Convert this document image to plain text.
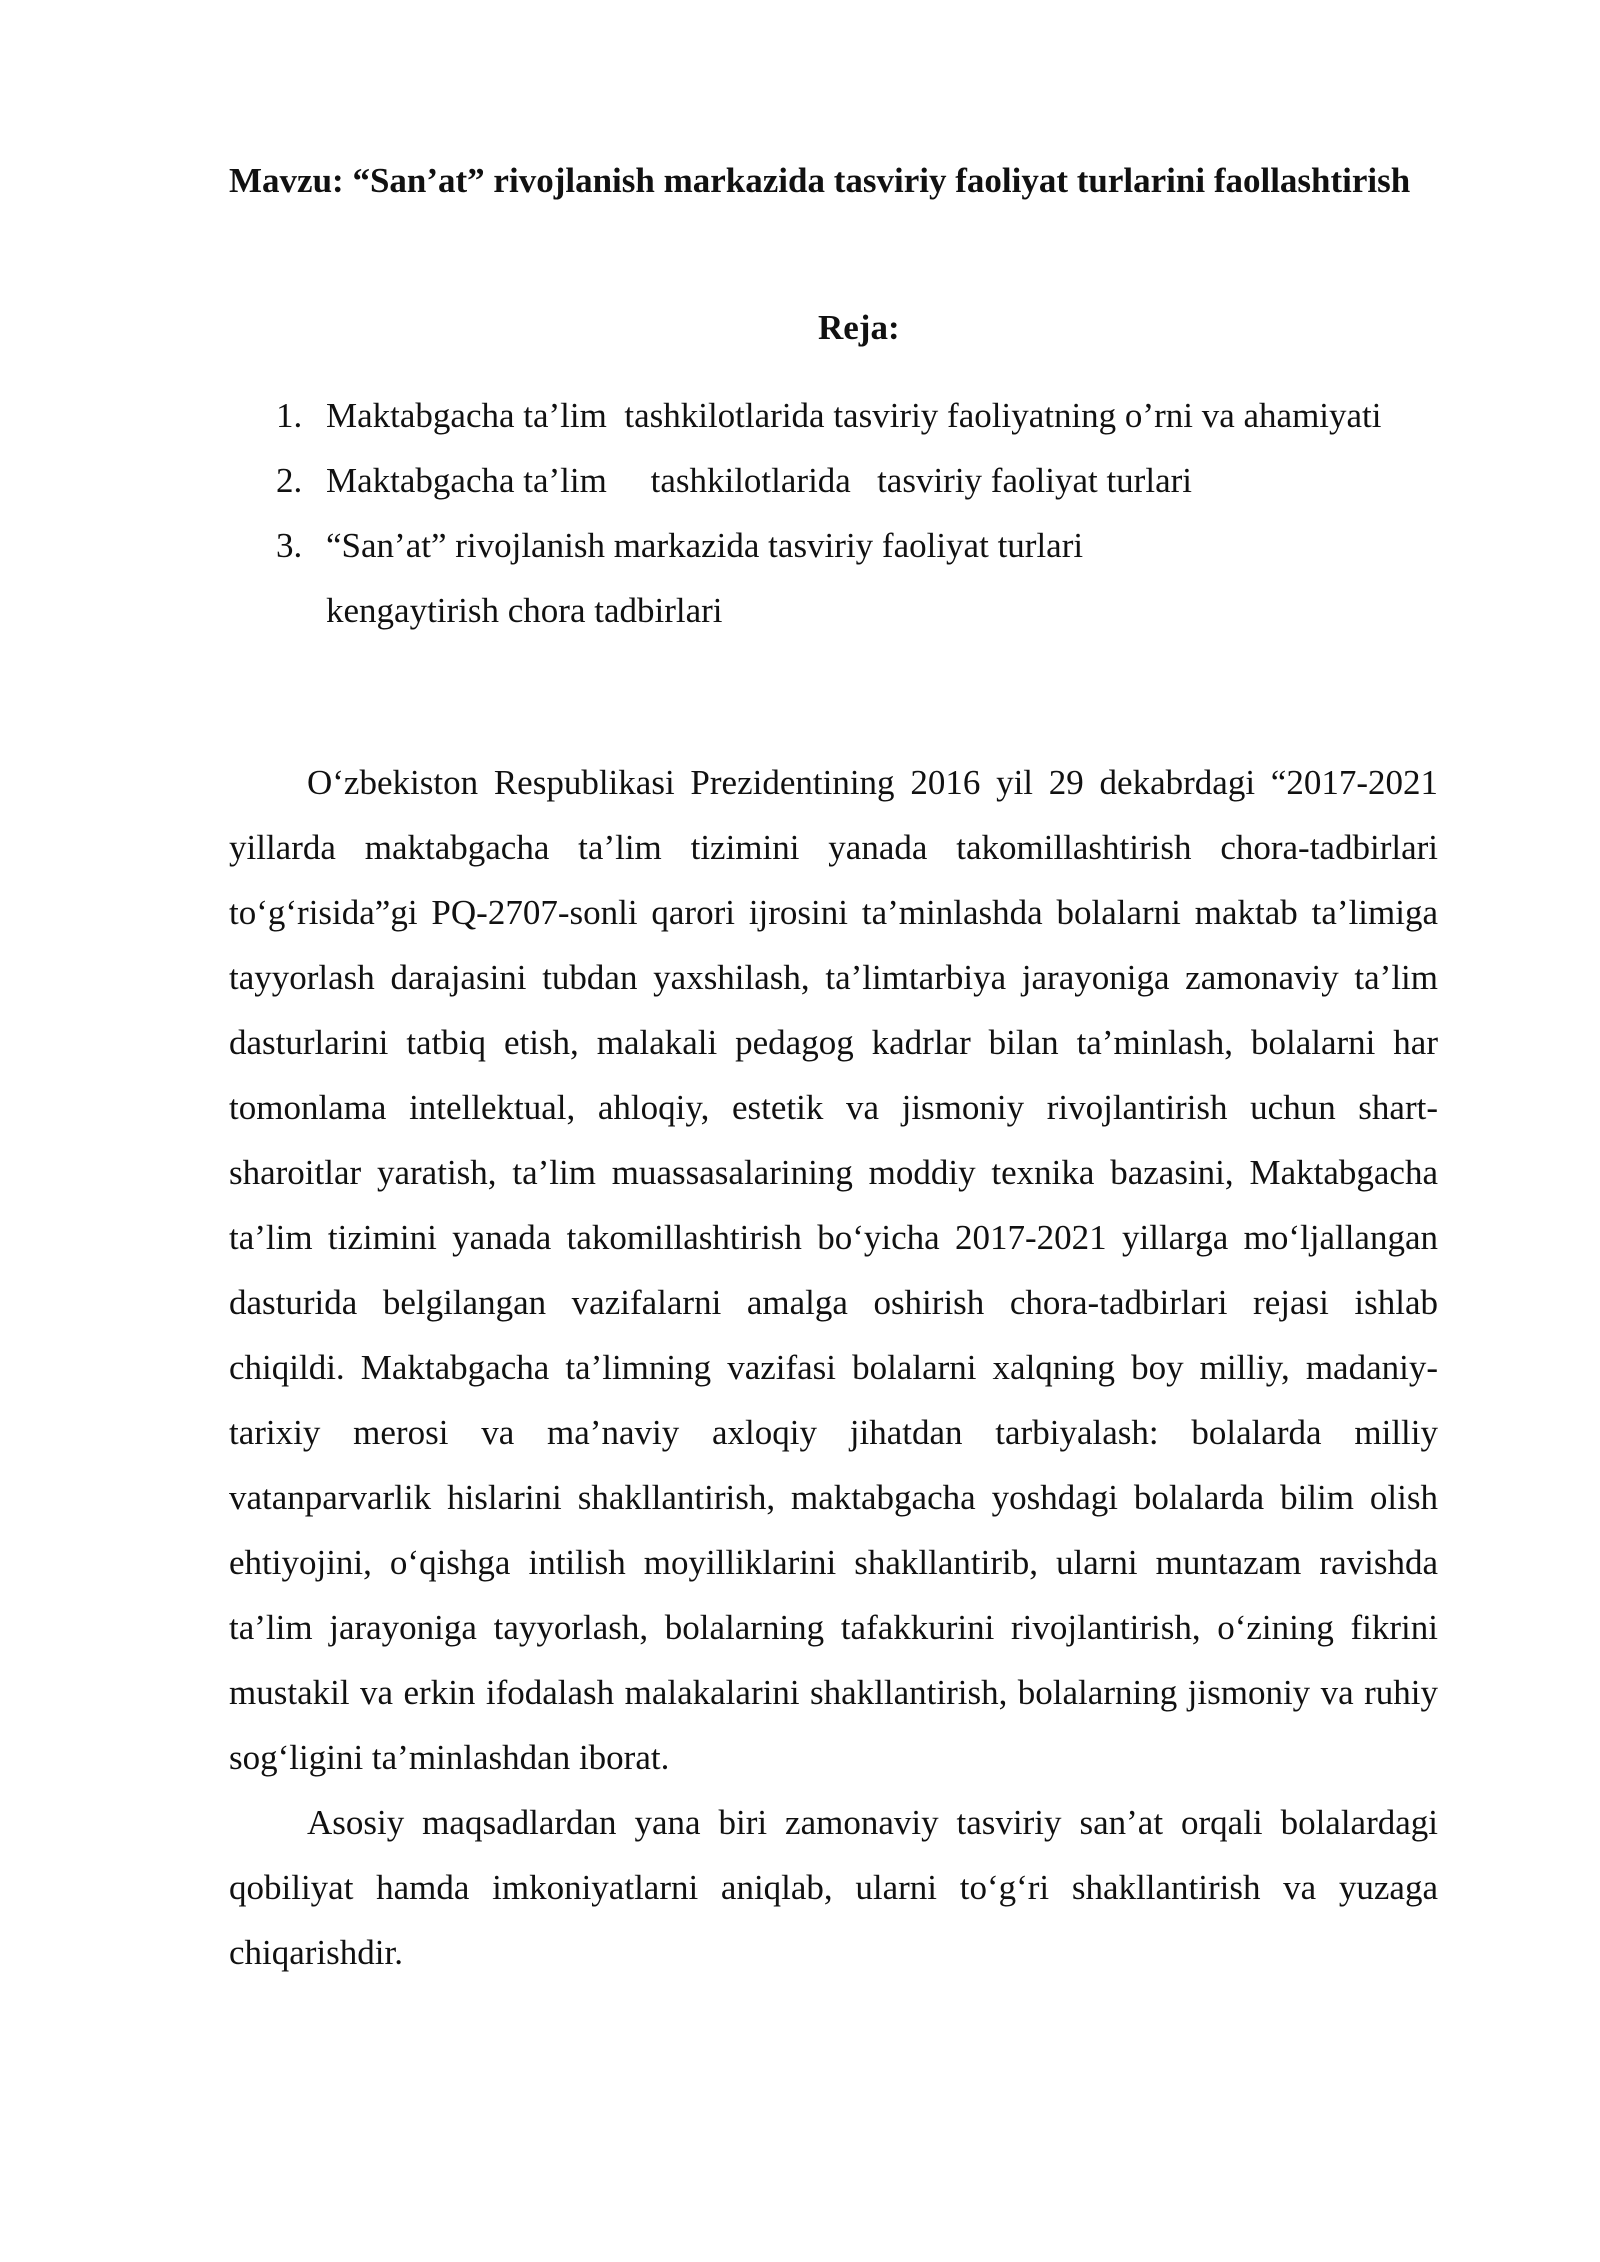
Mavzu: “San’at” rivojlanish markazida tasviriy faoliyat turlarini faollashtirish
Reja:
1. Maktabgacha ta’lim  tashkilotlarida tasviriy faoliyatning o’rni va ahamiyati
2. Maktabgacha ta’lim     tashkilotlarida   tasviriy faoliyat turlari
3. “San’at” rivojlanish markazida tasviriy faoliyat turlari kengaytirish chora tadbirlari

O‘zbekiston Respublikasi Prezidentining 2016 yil 29 dekabrdagi “2017-2021 yillarda maktabgacha ta’lim tizimini yanada takomillashtirish chora-tadbirlari to‘g‘risida”gi PQ-2707-sonli qarori ijrosini ta’minlashda bolalarni maktab ta’limiga tayyorlash darajasini tubdan yaxshilash, ta’limtarbiya jarayoniga zamonaviy ta’lim dasturlarini tatbiq etish, malakali pedagog kadrlar bilan ta’minlash, bolalarni har tomonlama intellektual, ahloqiy, estetik va jismoniy rivojlantirish uchun shart-sharoitlar yaratish, ta’lim muassasalarining moddiy texnika bazasini, Maktabgacha ta’lim tizimini yanada takomillashtirish bo‘yicha 2017-2021 yillarga mo‘ljallangan dasturida belgilangan vazifalarni amalga oshirish chora-tadbirlari rejasi ishlab chiqildi. Maktabgacha ta’limning vazifasi bolalarni xalqning boy milliy, madaniy-tarixiy merosi va ma’naviy axloqiy jihatdan tarbiyalash: bolalarda milliy vatanparvarlik hislarini shakllantirish, maktabgacha yoshdagi bolalarda bilim olish ehtiyojini, o‘qishga intilish moyilliklarini shakllantirib, ularni muntazam ravishda ta’lim jarayoniga tayyorlash, bolalarning tafakkurini rivojlantirish, o‘zining fikrini mustakil va erkin ifodalash malakalarini shakllantirish, bolalarning jismoniy va ruhiy sog‘ligini ta’minlashdan iborat.

Asosiy maqsadlardan yana biri zamonaviy tasviriy san’at orqali bolalardagi qobiliyat hamda imkoniyatlarni aniqlab, ularni to‘g‘ri shakllantirish va yuzaga chiqarishdir.
